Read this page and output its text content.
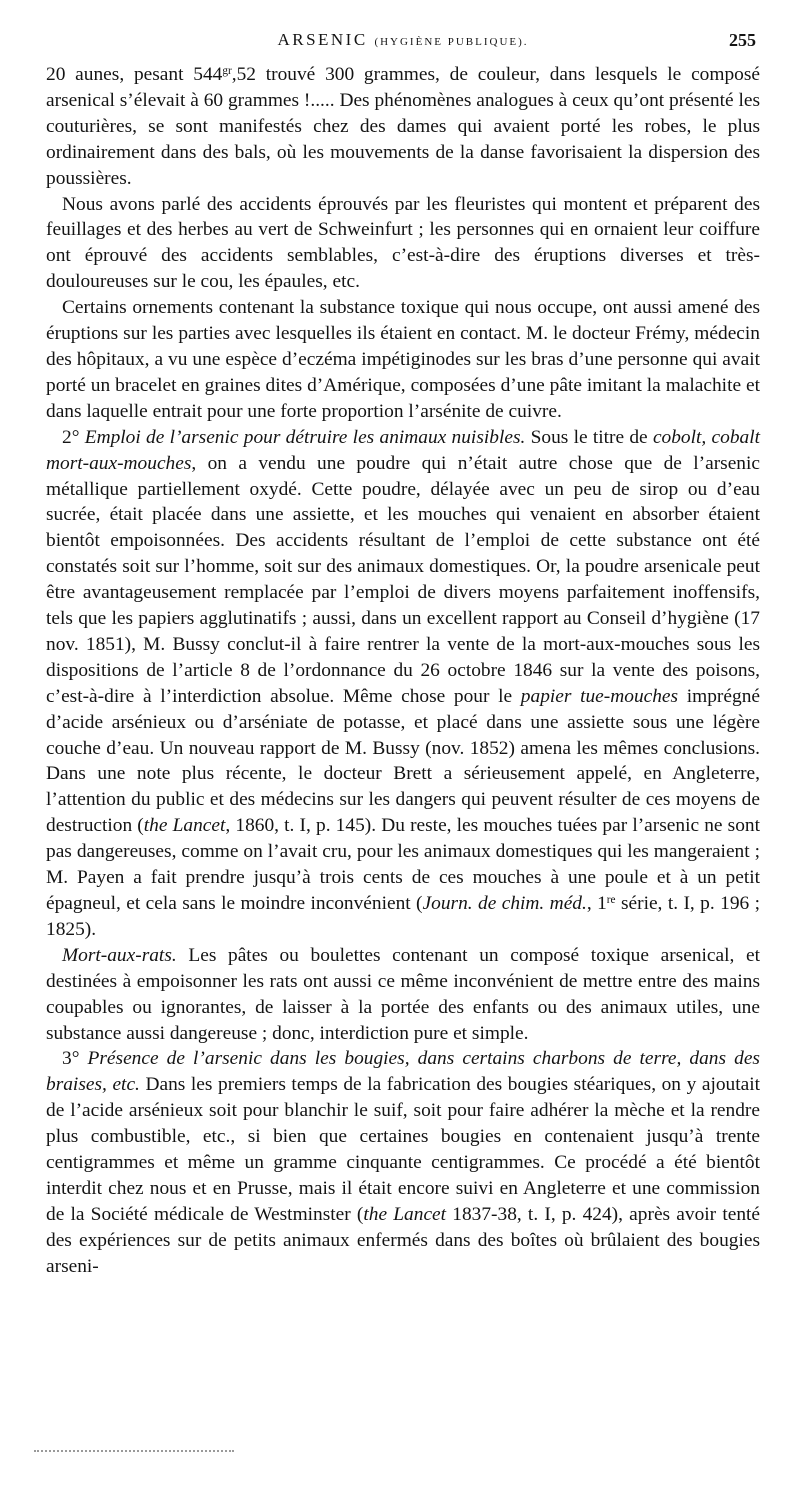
ARSENIC (HYGIÈNE PUBLIQUE).	255

20 aunes, pesant $544^{gr},52$ trouvé 300 grammes, de couleur, dans lesquels le composé arsenical s’élevait à 60 grammes !..... Des phénomènes analogues à ceux qu’ont présenté les couturières, se sont manifestés chez des dames qui avaient porté les robes, le plus ordinairement dans des bals, où les mouvements de la danse favorisaient la dispersion des poussières.

Nous avons parlé des accidents éprouvés par les fleuristes qui montent et préparent des feuillages et des herbes au vert de Schweinfurt ; les personnes qui en ornaient leur coiffure ont éprouvé des accidents semblables, c’est-à-dire des éruptions diverses et très-douloureuses sur le cou, les épaules, etc.

Certains ornements contenant la substance toxique qui nous occupe, ont aussi amené des éruptions sur les parties avec lesquelles ils étaient en contact. M. le docteur Frémy, médecin des hôpitaux, a vu une espèce d’eczéma impétiginodes sur les bras d’une personne qui avait porté un bracelet en graines dites d’Amérique, composées d’une pâte imitant la malachite et dans laquelle entrait pour une forte proportion l’arsénite de cuivre.

2° Emploi de l’arsenic pour détruire les animaux nuisibles. Sous le titre de cobolt, cobalt mort-aux-mouches, on a vendu une poudre qui n’était autre chose que de l’arsenic métallique partiellement oxydé. Cette poudre, délayée avec un peu de sirop ou d’eau sucrée, était placée dans une assiette, et les mouches qui venaient en absorber étaient bientôt empoisonnées. Des accidents résultant de l’emploi de cette substance ont été constatés soit sur l’homme, soit sur des animaux domestiques. Or, la poudre arsenicale peut être avantageusement remplacée par l’emploi de divers moyens parfaitement inoffensifs, tels que les papiers agglutinatifs ; aussi, dans un excellent rapport au Conseil d’hygiène (17 nov. 1851), M. Bussy conclut-il à faire rentrer la vente de la mort-aux-mouches sous les dispositions de l’article 8 de l’ordonnance du 26 octobre 1846 sur la vente des poisons, c’est-à-dire à l’interdiction absolue. Même chose pour le papier tue-mouches imprégné d’acide arsénieux ou d’arséniate de potasse, et placé dans une assiette sous une légère couche d’eau. Un nouveau rapport de M. Bussy (nov. 1852) amena les mêmes conclusions. Dans une note plus récente, le docteur Brett a sérieusement appelé, en Angleterre, l’attention du public et des médecins sur les dangers qui peuvent résulter de ces moyens de destruction (the Lancet, 1860, t. I, p. 145). Du reste, les mouches tuées par l’arsenic ne sont pas dangereuses, comme on l’avait cru, pour les animaux domestiques qui les mangeraient ; M. Payen a fait prendre jusqu’à trois cents de ces mouches à une poule et à un petit épagneul, et cela sans le moindre inconvénient (Journ. de chim. méd., 1re série, t. I, p. 196 ; 1825).

Mort-aux-rats. Les pâtes ou boulettes contenant un composé toxique arsenical, et destinées à empoisonner les rats ont aussi ce même inconvénient de mettre entre des mains coupables ou ignorantes, de laisser à la portée des enfants ou des animaux utiles, une substance aussi dangereuse ; donc, interdiction pure et simple.

3° Présence de l’arsenic dans les bougies, dans certains charbons de terre, dans des braises, etc. Dans les premiers temps de la fabrication des bougies stéariques, on y ajoutait de l’acide arsénieux soit pour blanchir le suif, soit pour faire adhérer la mèche et la rendre plus combustible, etc., si bien que certaines bougies en contenaient jusqu’à trente centigrammes et même un gramme cinquante centigrammes. Ce procédé a été bientôt interdit chez nous et en Prusse, mais il était encore suivi en Angleterre et une commission de la Société médicale de Westminster (the Lancet 1837-38, t. I, p. 424), après avoir tenté des expériences sur de petits animaux enfermés dans des boîtes où brûlaient des bougies arseni-
